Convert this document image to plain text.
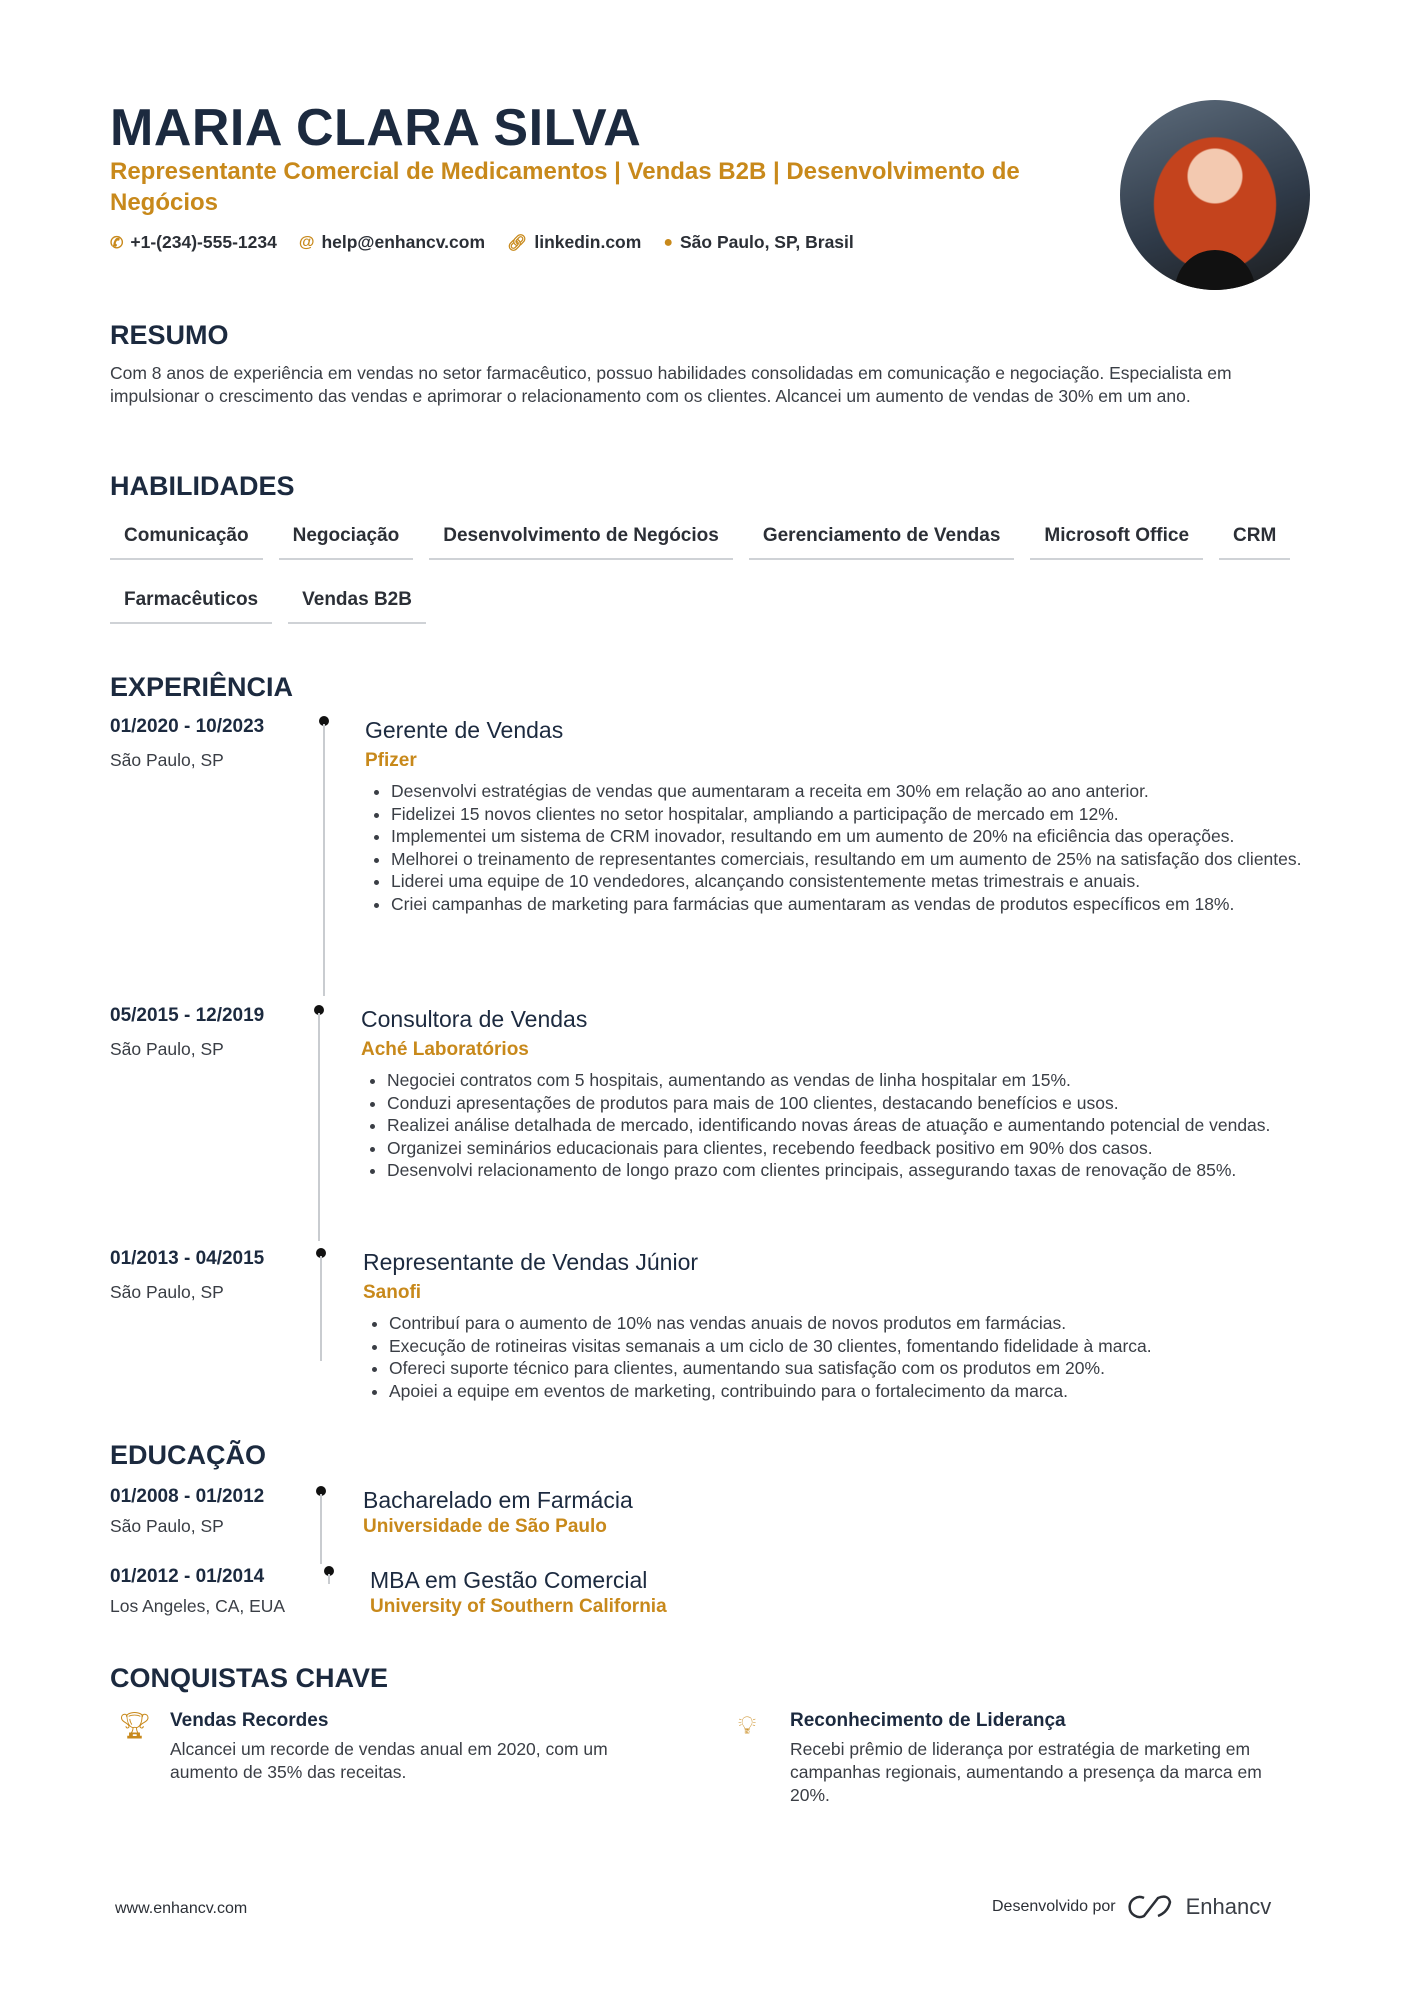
MARIA CLARA SILVA
Representante Comercial de Medicamentos | Vendas B2B | Desenvolvimento de Negócios
✆ +1-(234)-555-1234 @ help@enhancv.com 🔗︎ linkedin.com ● São Paulo, SP, Brasil
RESUMO
Com 8 anos de experiência em vendas no setor farmacêutico, possuo habilidades consolidadas em comunicação e negociação. Especialista em impulsionar o crescimento das vendas e aprimorar o relacionamento com os clientes. Alcancei um aumento de vendas de 30% em um ano.
HABILIDADES
Comunicação	Negociação	Desenvolvimento de Negócios	Gerenciamento de Vendas	Microsoft Office	CRM
Farmacêuticos	Vendas B2B
EXPERIÊNCIA
01/2020 - 10/2023
São Paulo, SP
Gerente de Vendas
Pfizer
• Desenvolvi estratégias de vendas que aumentaram a receita em 30% em relação ao ano anterior.
• Fidelizei 15 novos clientes no setor hospitalar, ampliando a participação de mercado em 12%.
• Implementei um sistema de CRM inovador, resultando em um aumento de 20% na eficiência das operações.
• Melhorei o treinamento de representantes comerciais, resultando em um aumento de 25% na satisfação dos clientes.
• Liderei uma equipe de 10 vendedores, alcançando consistentemente metas trimestrais e anuais.
• Criei campanhas de marketing para farmácias que aumentaram as vendas de produtos específicos em 18%.
05/2015 - 12/2019
São Paulo, SP
Consultora de Vendas
Aché Laboratórios
• Negociei contratos com 5 hospitais, aumentando as vendas de linha hospitalar em 15%.
• Conduzi apresentações de produtos para mais de 100 clientes, destacando benefícios e usos.
• Realizei análise detalhada de mercado, identificando novas áreas de atuação e aumentando potencial de vendas.
• Organizei seminários educacionais para clientes, recebendo feedback positivo em 90% dos casos.
• Desenvolvi relacionamento de longo prazo com clientes principais, assegurando taxas de renovação de 85%.
01/2013 - 04/2015
São Paulo, SP
Representante de Vendas Júnior
Sanofi
• Contribuí para o aumento de 10% nas vendas anuais de novos produtos em farmácias.
• Execução de rotineiras visitas semanais a um ciclo de 30 clientes, fomentando fidelidade à marca.
• Ofereci suporte técnico para clientes, aumentando sua satisfação com os produtos em 20%.
• Apoiei a equipe em eventos de marketing, contribuindo para o fortalecimento da marca.
EDUCAÇÃO
01/2008 - 01/2012
São Paulo, SP
Bacharelado em Farmácia
Universidade de São Paulo
01/2012 - 01/2014
Los Angeles, CA, EUA
MBA em Gestão Comercial
University of Southern California
CONQUISTAS CHAVE
🏆︎ Vendas Recordes
Alcancei um recorde de vendas anual em 2020, com um aumento de 35% das receitas.
💡︎ Reconhecimento de Liderança
Recebi prêmio de liderança por estratégia de marketing em campanhas regionais, aumentando a presença da marca em 20%.
www.enhancv.com	Desenvolvido por	Enhancv
